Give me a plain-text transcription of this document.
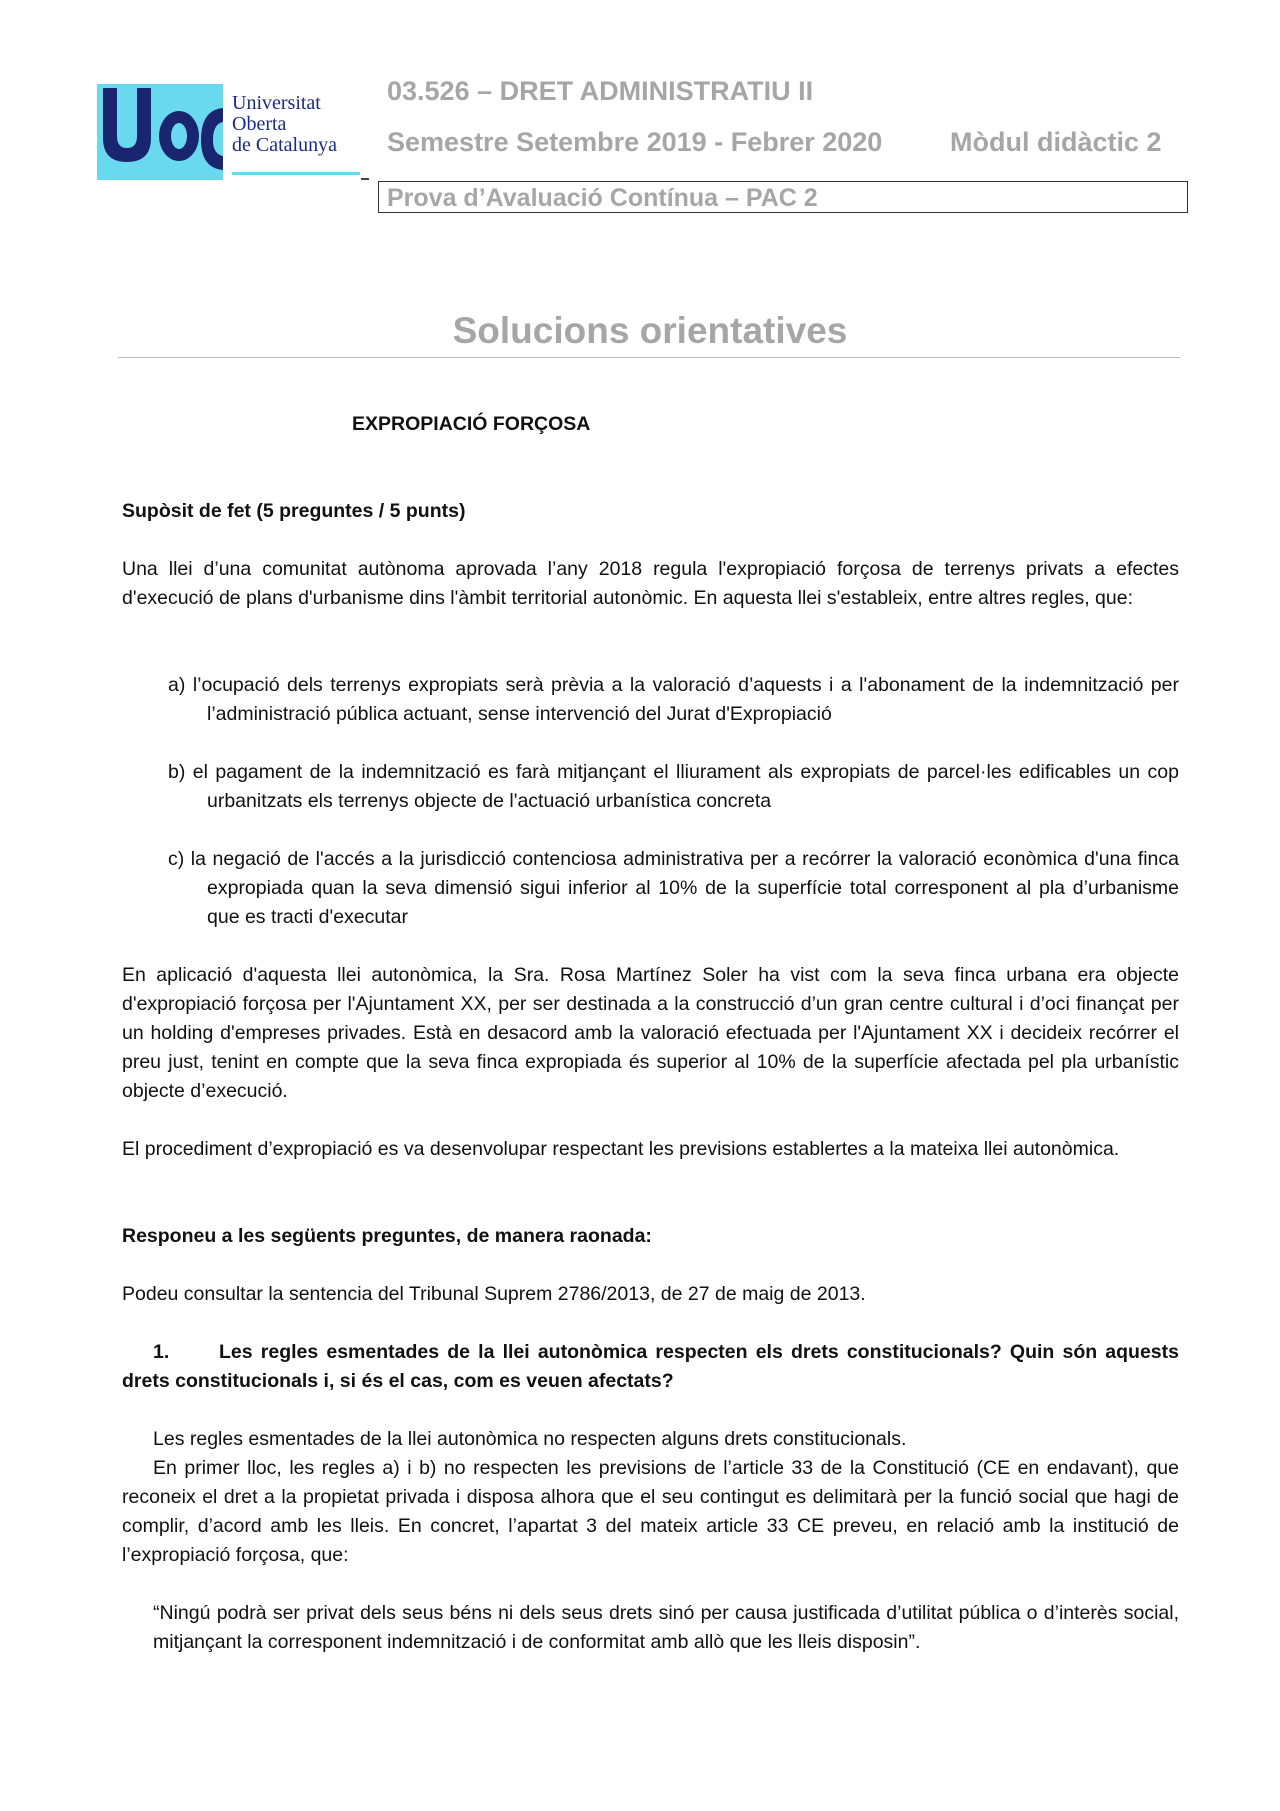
Universitat
Oberta
de Catalunya
03.526 – DRET ADMINISTRATIU II
Semestre Setembre 2019 - Febrer 2020	Mòdul didàctic 2
Prova d’Avaluació Contínua – PAC 2
Solucions orientatives
EXPROPIACIÓ FORÇOSA
Supòsit de fet (5 preguntes / 5 punts)
Una llei d’una comunitat autònoma aprovada l’any 2018 regula l'expropiació forçosa de terrenys privats a efectes d'execució de plans d'urbanisme dins l'àmbit territorial autonòmic. En aquesta llei s'estableix, entre altres regles, que:
a) l’ocupació dels terrenys expropiats serà prèvia a la valoració d’aquests i a l'abonament de la indemnització per l’administració pública actuant, sense intervenció del Jurat d'Expropiació
b) el pagament de la indemnització es farà mitjançant el lliurament als expropiats de parcel·les edificables un cop urbanitzats els terrenys objecte de l'actuació urbanística concreta
c) la negació de l'accés a la jurisdicció contenciosa administrativa per a recórrer la valoració econòmica d'una finca expropiada quan la seva dimensió sigui inferior al 10% de la superfície total corresponent al pla d’urbanisme que es tracti d'executar
En aplicació d'aquesta llei autonòmica, la Sra. Rosa Martínez Soler ha vist com la seva finca urbana era objecte d'expropiació forçosa per l'Ajuntament XX, per ser destinada a la construcció d’un gran centre cultural i d’oci finançat per un holding d'empreses privades. Està en desacord amb la valoració efectuada per l'Ajuntament XX i decideix recórrer el preu just, tenint en compte que la seva finca expropiada és superior al 10% de la superfície afectada pel pla urbanístic objecte d’execució.
El procediment d’expropiació es va desenvolupar respectant les previsions establertes a la mateixa llei autonòmica.
Responeu a les següents preguntes, de manera raonada:
Podeu consultar la sentencia del Tribunal Suprem 2786/2013, de 27 de maig de 2013.
1.	Les regles esmentades de la llei autonòmica respecten els drets constitucionals? Quin són aquests drets constitucionals i, si és el cas, com es veuen afectats?
Les regles esmentades de la llei autonòmica no respecten alguns drets constitucionals.
En primer lloc, les regles a) i b) no respecten les previsions de l’article 33 de la Constitució (CE en endavant), que reconeix el dret a la propietat privada i disposa alhora que el seu contingut es delimitarà per la funció social que hagi de complir, d’acord amb les lleis. En concret, l’apartat 3 del mateix article 33 CE preveu, en relació amb la institució de l’expropiació forçosa, que:
“Ningú podrà ser privat dels seus béns ni dels seus drets sinó per causa justificada d’utilitat pública o d’interès social, mitjançant la corresponent indemnització i de conformitat amb allò que les lleis disposin”.
